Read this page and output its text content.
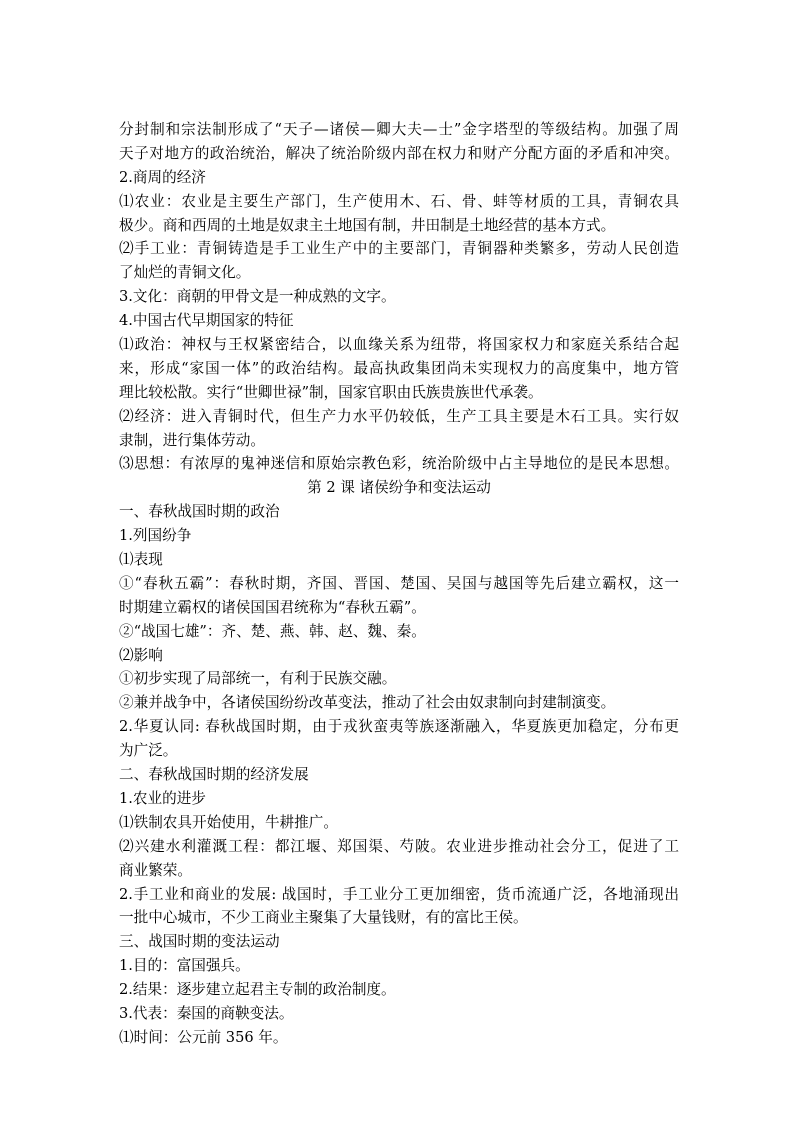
分封制和宗法制形成了“天子—诸侯—卿大夫—士”金字塔型的等级结构。加强了周
天子对地方的政治统治，解决了统治阶级内部在权力和财产分配方面的矛盾和冲突。
2.商周的经济
⑴农业：农业是主要生产部门，生产使用木、石、骨、蚌等材质的工具，青铜农具
极少。商和西周的土地是奴隶主土地国有制，井田制是土地经营的基本方式。
⑵手工业：青铜铸造是手工业生产中的主要部门，青铜器种类繁多，劳动人民创造
了灿烂的青铜文化。
3.文化：商朝的甲骨文是一种成熟的文字。
4.中国古代早期国家的特征
⑴政治：神权与王权紧密结合，以血缘关系为纽带，将国家权力和家庭关系结合起
来，形成“家国一体”的政治结构。最高执政集团尚未实现权力的高度集中，地方管
理比较松散。实行“世卿世禄”制，国家官职由氏族贵族世代承袭。
⑵经济：进入青铜时代，但生产力水平仍较低，生产工具主要是木石工具。实行奴
隶制，进行集体劳动。
⑶思想：有浓厚的鬼神迷信和原始宗教色彩，统治阶级中占主导地位的是民本思想。
第 2 课 诸侯纷争和变法运动
一、春秋战国时期的政治
1.列国纷争
⑴表现
①“春秋五霸”：春秋时期，齐国、晋国、楚国、吴国与越国等先后建立霸权，这一
时期建立霸权的诸侯国国君统称为“春秋五霸”。
②“战国七雄”：齐、楚、燕、韩、赵、魏、秦。
⑵影响
①初步实现了局部统一，有利于民族交融。
②兼并战争中，各诸侯国纷纷改革变法，推动了社会由奴隶制向封建制演变。
2.华夏认同: 春秋战国时期，由于戎狄蛮夷等族逐渐融入，华夏族更加稳定，分布更
为广泛。
二、春秋战国时期的经济发展
1.农业的进步
⑴铁制农具开始使用，牛耕推广。
⑵兴建水利灌溉工程：都江堰、郑国渠、芍陂。农业进步推动社会分工，促进了工
商业繁荣。
2.手工业和商业的发展: 战国时，手工业分工更加细密，货币流通广泛，各地涌现出
一批中心城市，不少工商业主聚集了大量钱财，有的富比王侯。
三、战国时期的变法运动
1.目的：富国强兵。
2.结果：逐步建立起君主专制的政治制度。
3.代表：秦国的商鞅变法。
⑴时间：公元前 356 年。
